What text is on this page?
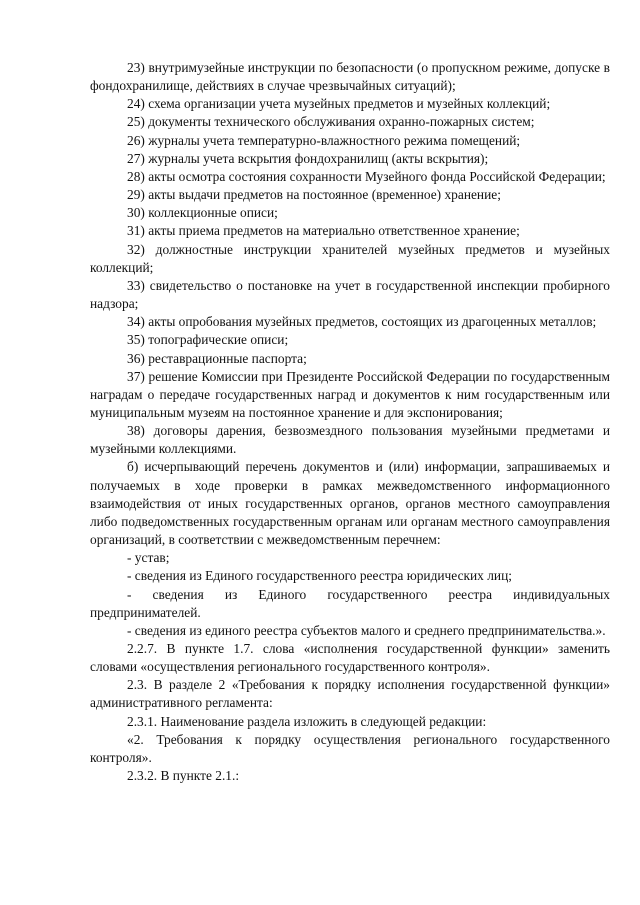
23) внутримузейные инструкции по безопасности (о пропускном режиме, допуске в фондохранилище, действиях в случае чрезвычайных ситуаций);

24) схема организации учета музейных предметов и музейных коллекций;

25) документы технического обслуживания охранно-пожарных систем;

26) журналы учета температурно-влажностного режима помещений;

27) журналы учета вскрытия фондохранилищ (акты вскрытия);

28) акты осмотра состояния сохранности Музейного фонда Российской Федерации;

29) акты выдачи предметов на постоянное (временное) хранение;

30) коллекционные описи;

31) акты приема предметов на материально ответственное хранение;

32) должностные инструкции хранителей музейных предметов и музейных коллекций;

33) свидетельство о постановке на учет в государственной инспекции пробирного надзора;

34) акты опробования музейных предметов, состоящих из драгоценных металлов;

35) топографические описи;

36) реставрационные паспорта;

37) решение Комиссии при Президенте Российской Федерации по государственным наградам о передаче государственных наград и документов к ним государственным или муниципальным музеям на постоянное хранение и для экспонирования;

38) договоры дарения, безвозмездного пользования музейными предметами и музейными коллекциями.

б) исчерпывающий перечень документов и (или) информации, запрашиваемых и получаемых в ходе проверки в рамках межведомственного информационного взаимодействия от иных государственных органов, органов местного самоуправления либо подведомственных государственным органам или органам местного самоуправления организаций, в соответствии с межведомственным перечнем:

- устав;

- сведения из Единого государственного реестра юридических лиц;

- сведения из Единого государственного реестра индивидуальных предпринимателей.

- сведения из единого реестра субъектов малого и среднего предпринимательства.».

2.2.7. В пункте 1.7. слова «исполнения государственной функции» заменить словами «осуществления регионального государственного контроля».

2.3. В разделе 2 «Требования к порядку исполнения государственной функции» административного регламента:

2.3.1. Наименование раздела изложить в следующей редакции:

«2. Требования к порядку осуществления регионального государственного контроля».

2.3.2. В пункте 2.1.:
